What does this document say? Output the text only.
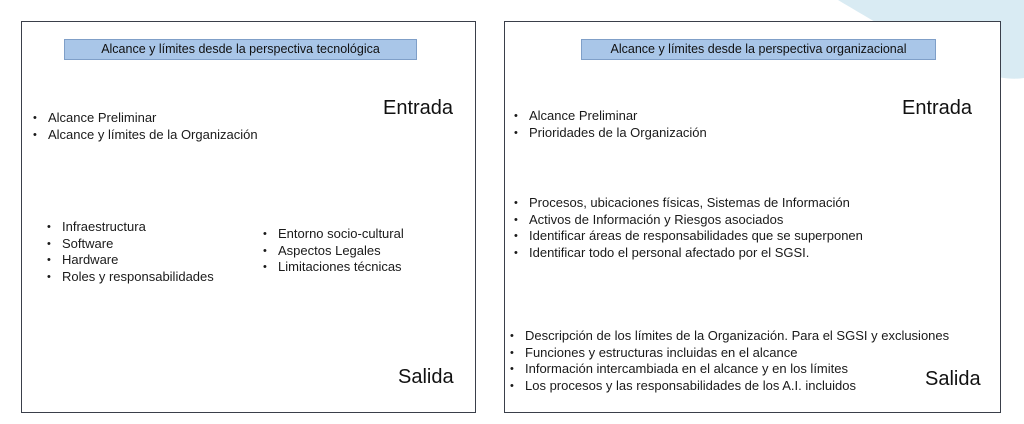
Alcance y límites desde la perspectiva tecnológica
Entrada
• Alcance Preliminar
• Alcance y límites de la Organización
• Infraestructura
• Software
• Hardware
• Roles y responsabilidades
• Entorno socio-cultural
• Aspectos Legales
• Limitaciones técnicas
Salida
Alcance y límites desde la perspectiva organizacional
Entrada
• Alcance Preliminar
• Prioridades de la Organización
• Procesos, ubicaciones físicas, Sistemas de Información
• Activos de Información y Riesgos asociados
• Identificar áreas de responsabilidades que se superponen
• Identificar todo el personal afectado por el SGSI.
• Descripción de los límites de la Organización. Para el SGSI y exclusiones
• Funciones y estructuras incluidas en el alcance
• Información intercambiada en el alcance y en los límites
• Los procesos y las responsabilidades de los A.I. incluidos	Salida
